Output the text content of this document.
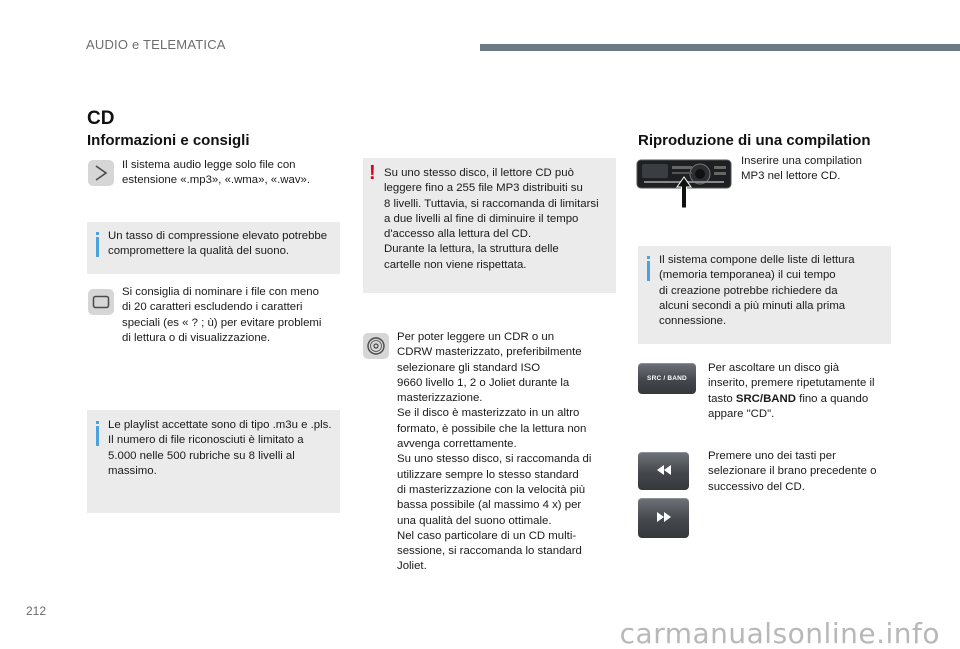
AUDIO e TELEMATICA
CD
Informazioni e consigli
Il sistema audio legge solo file con
estensione «.mp3», «.wma», «.wav».
Un tasso di compressione elevato potrebbe
compromettere la qualità del suono.
Si consiglia di nominare i file con meno
di 20 caratteri escludendo i caratteri
speciali (es « ? ; ù) per evitare problemi
di lettura o di visualizzazione.
Le playlist accettate sono di tipo .m3u e .pls.
Il numero di file riconosciuti è limitato a
5.000 nelle 500 rubriche su 8 livelli al
massimo.
! Su uno stesso disco, il lettore CD può
leggere fino a 255 file MP3 distribuiti su
8 livelli. Tuttavia, si raccomanda di limitarsi
a due livelli al fine di diminuire il tempo
d'accesso alla lettura del CD.
Durante la lettura, la struttura delle
cartelle non viene rispettata.
Per poter leggere un CDR o un
CDRW masterizzato, preferibilmente
selezionare gli standard ISO
9660 livello 1, 2 o Joliet durante la
masterizzazione.
Se il disco è masterizzato in un altro
formato, è possibile che la lettura non
avvenga correttamente.
Su uno stesso disco, si raccomanda di
utilizzare sempre lo stesso standard
di masterizzazione con la velocità più
bassa possibile (al massimo 4 x) per
una qualità del suono ottimale.
Nel caso particolare di un CD multi-
sessione, si raccomanda lo standard
Joliet.
Riproduzione di una compilation
Inserire una compilation
MP3 nel lettore CD.
Il sistema compone delle liste di lettura
(memoria temporanea) il cui tempo
di creazione potrebbe richiedere da
alcuni secondi a più minuti alla prima
connessione.
SRC / BAND
Per ascoltare un disco già
inserito, premere ripetutamente il
tasto SRC/BAND fino a quando
appare "CD".
Premere uno dei tasti per
selezionare il brano precedente o
successivo del CD.
212
carmanualsonline.info
